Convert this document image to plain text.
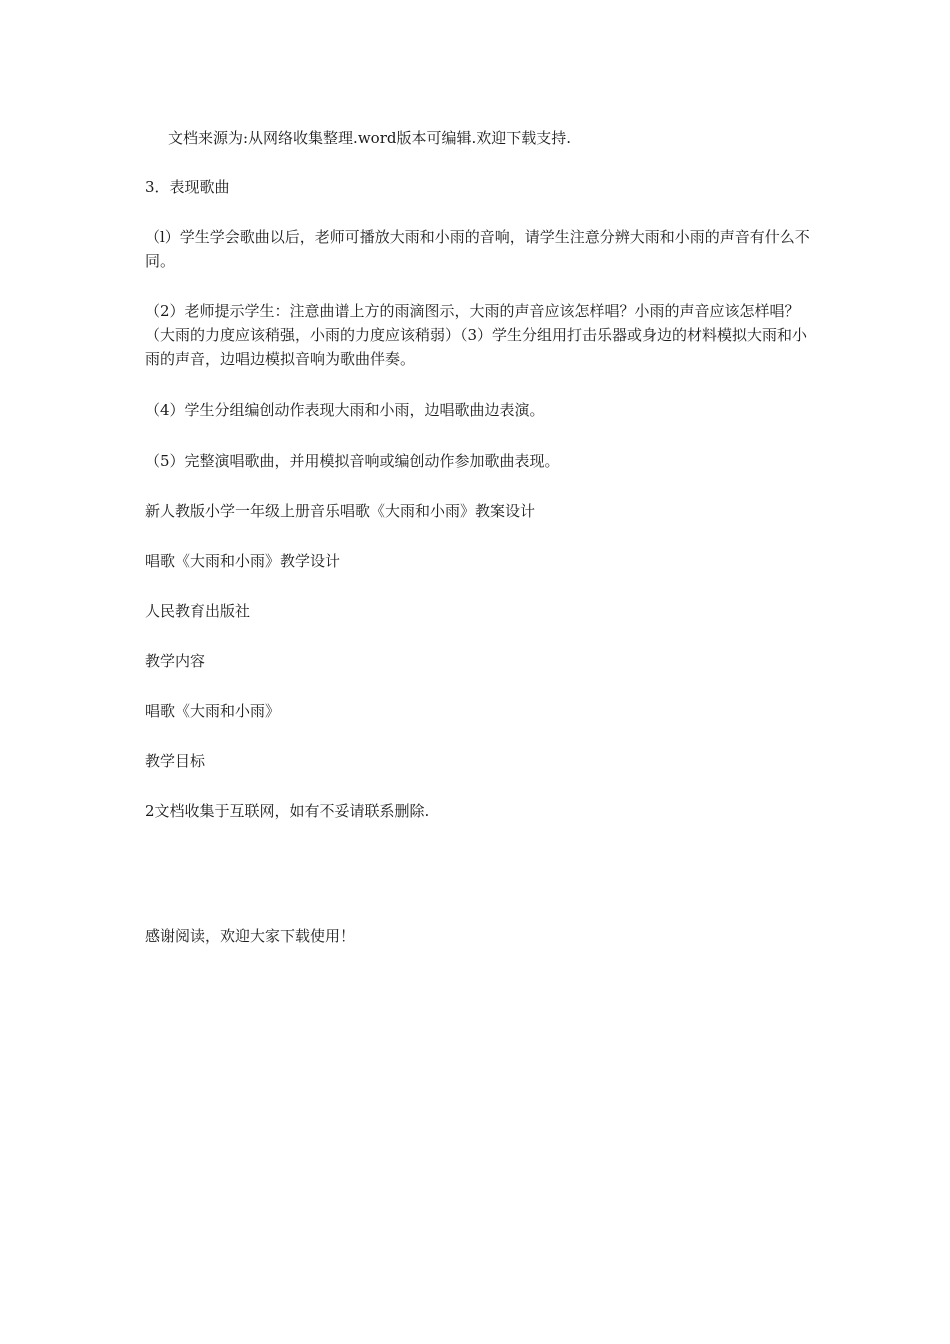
文档来源为:从网络收集整理.word版本可编辑.欢迎下载支持.
3．表现歌曲
（l）学生学会歌曲以后，老师可播放大雨和小雨的音响，请学生注意分辨大雨和小雨的声音有什么不同。
（2）老师提示学生：注意曲谱上方的雨滴图示，大雨的声音应该怎样唱？小雨的声音应该怎样唱？（大雨的力度应该稍强，小雨的力度应该稍弱）（3）学生分组用打击乐器或身边的材料模拟大雨和小雨的声音，边唱边模拟音响为歌曲伴奏。
（4）学生分组编创动作表现大雨和小雨，边唱歌曲边表演。
（5）完整演唱歌曲，并用模拟音响或编创动作参加歌曲表现。
新人教版小学一年级上册音乐唱歌《大雨和小雨》教案设计
唱歌《大雨和小雨》教学设计
人民教育出版社
教学内容
唱歌《大雨和小雨》
教学目标
2文档收集于互联网，如有不妥请联系删除.
感谢阅读，欢迎大家下载使用！
